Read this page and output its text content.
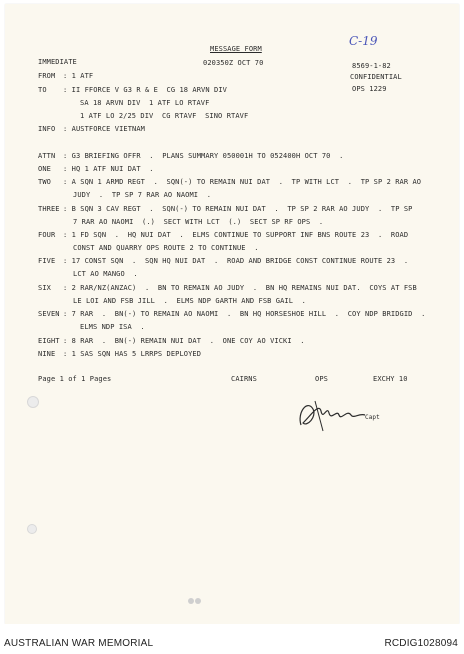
C-19
MESSAGE FORM
IMMEDIATE	020350Z OCT 70	8569-1-82
CONFIDENTIAL
OPS 1229
FROM : 1 ATF
TO : II FFORCE V G3 R & E  CG 18 ARVN DIV
SA 18 ARVN DIV  1 ATF LO RTAVF
1 ATF LO 2/25 DIV  CG RTAVF  SINO RTAVF
INFO : AUSTFORCE VIETNAM
ATTN : G3 BRIEFING OFFR  .  PLANS SUMMARY 050001H TO 052400H OCT 70  .
ONE : HQ 1 ATF NUI DAT  .
TWO : A SQN 1 ARMD REGT  .  SQN(-) TO REMAIN NUI DAT  .  TP WITH LCT  .  TP SP 2 RAR AO
JUDY  .  TP SP 7 RAR AO NAOMI  .
THREE : B SQN 3 CAV REGT  .  SQN(-) TO REMAIN NUI DAT  .  TP SP 2 RAR AO JUDY  .  TP SP
7 RAR AO NAOMI  (.)  SECT WITH LCT  (.)  SECT SP RF OPS  .
FOUR : 1 FD SQN  .  HQ NUI DAT  .  ELMS CONTINUE TO SUPPORT INF BNS ROUTE 23  .  ROAD
CONST AND QUARRY OPS ROUTE 2 TO CONTINUE  .
FIVE : 17 CONST SQN  .  SQN HQ NUI DAT  .  ROAD AND BRIDGE CONST CONTINUE ROUTE 23  .
LCT AO MANGO  .
SIX : 2 RAR/NZ(ANZAC)  .  BN TO REMAIN AO JUDY  .  BN HQ REMAINS NUI DAT.  COYS AT FSB
LE LOI AND FSB JILL  .  ELMS NDP GARTH AND FSB GAIL  .
SEVEN : 7 RAR  .  BN(-) TO REMAIN AO NAOMI  .  BN HQ HORSESHOE HILL  .  COY NDP BRIDGID  .
ELMS NDP ISA  .
EIGHT : 8 RAR  .  BN(-) REMAIN NUI DAT  .  ONE COY AO VICKI  .
NINE : 1 SAS SQN HAS 5 LRRPS DEPLOYED
Page 1 of 1 Pages	CAIRNS	OPS	EXCHY 10
Capt
AUSTRALIAN WAR MEMORIAL	RCDIG1028094
